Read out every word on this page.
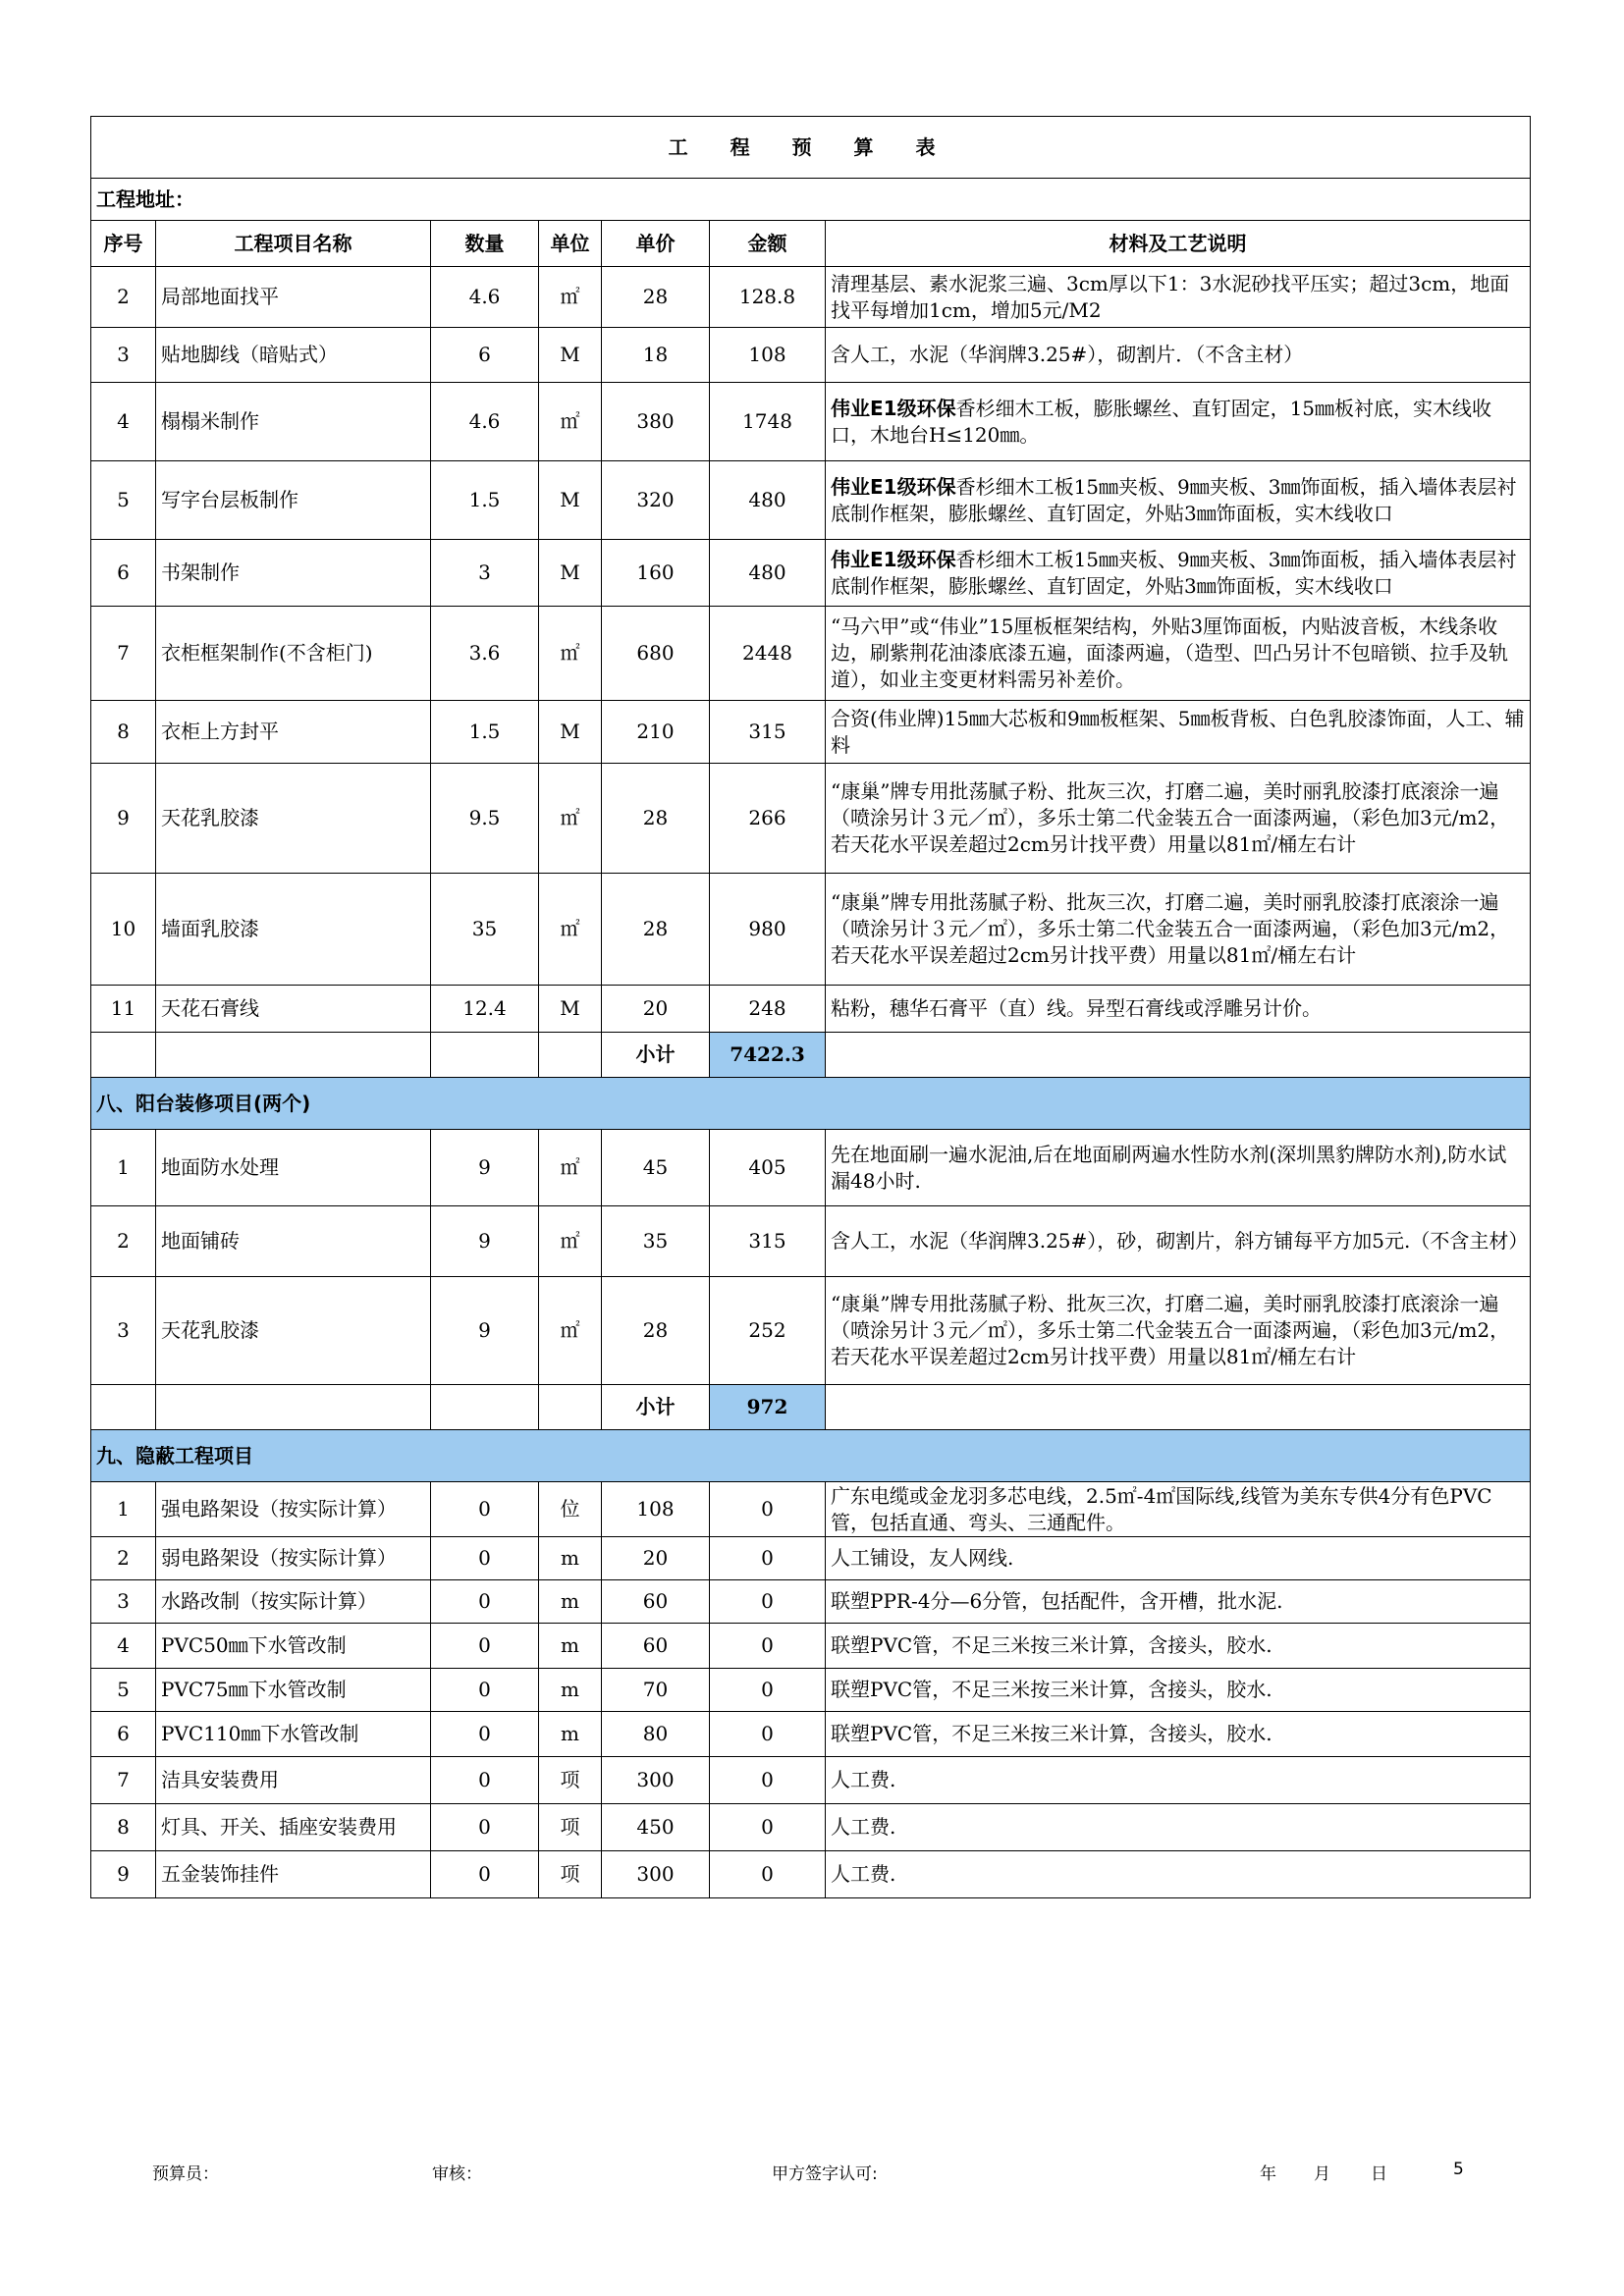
工 程 预 算 表						
工程地址：						
序号	工程项目名称	数量	单位	单价	金额	材料及工艺说明
2	局部地面找平	4.6	㎡	28	128.8	清理基层、素水泥浆三遍、3cm厚以下1：3水泥砂找平压实；超过3cm，地面找平每增加1cm，增加5元/M2
3	贴地脚线（暗贴式）	6	M	18	108	含人工，水泥（华润牌3.25#），砌割片．（不含主材）
4	榻榻米制作	4.6	㎡	380	1748	伟业E1级环保香杉细木工板，膨胀螺丝、直钉固定，15㎜板衬底，实木线收口，木地台H≤120㎜。
5	写字台层板制作	1.5	M	320	480	伟业E1级环保香杉细木工板15㎜夹板、9㎜夹板、3㎜饰面板，插入墙体表层衬底制作框架，膨胀螺丝、直钉固定，外贴3㎜饰面板，实木线收口
6	书架制作	3	M	160	480	伟业E1级环保香杉细木工板15㎜夹板、9㎜夹板、3㎜饰面板，插入墙体表层衬底制作框架，膨胀螺丝、直钉固定，外贴3㎜饰面板，实木线收口
7	衣柜框架制作(不含柜门)	3.6	㎡	680	2448	“马六甲”或“伟业”15厘板框架结构，外贴3厘饰面板，内贴波音板，木线条收边，刷紫荆花油漆底漆五遍，面漆两遍，（造型、凹凸另计不包暗锁、拉手及轨道），如业主变更材料需另补差价。
8	衣柜上方封平	1.5	M	210	315	合资(伟业牌)15㎜大芯板和9㎜板框架、5㎜板背板、白色乳胶漆饰面，人工、辅料
9	天花乳胶漆	9.5	㎡	28	266	“康巢”牌专用批荡腻子粉、批灰三次，打磨二遍，美时丽乳胶漆打底滚涂一遍（喷涂另计３元／㎡），多乐士第二代金装五合一面漆两遍，（彩色加3元/m2，若天花水平误差超过2cm另计找平费）用量以81㎡/桶左右计
10	墙面乳胶漆	35	㎡	28	980	“康巢”牌专用批荡腻子粉、批灰三次，打磨二遍，美时丽乳胶漆打底滚涂一遍（喷涂另计３元／㎡），多乐士第二代金装五合一面漆两遍，（彩色加3元/m2，若天花水平误差超过2cm另计找平费）用量以81㎡/桶左右计
11	天花石膏线	12.4	M	20	248	粘粉，穗华石膏平（直）线。异型石膏线或浮雕另计价。
				小计	7422.3	
八、阳台装修项目(两个)						
1	地面防水处理	9	㎡	45	405	先在地面刷一遍水泥油,后在地面刷两遍水性防水剂(深圳黑豹牌防水剂),防水试漏48小时.
2	地面铺砖	9	㎡	35	315	含人工，水泥（华润牌3.25#），砂，砌割片，斜方铺每平方加5元.（不含主材）
3	天花乳胶漆	9	㎡	28	252	“康巢”牌专用批荡腻子粉、批灰三次，打磨二遍，美时丽乳胶漆打底滚涂一遍（喷涂另计３元／㎡），多乐士第二代金装五合一面漆两遍，（彩色加3元/m2，若天花水平误差超过2cm另计找平费）用量以81㎡/桶左右计
				小计	972	
九、隐蔽工程项目						
1	强电路架设（按实际计算）	0	位	108	0	广东电缆或金龙羽多芯电线，2.5㎡-4㎡国际线,线管为美东专供4分有色PVC管，包括直通、弯头、三通配件。
2	弱电路架设（按实际计算）	0	m	20	0	人工铺设，友人网线.
3	水路改制（按实际计算）	0	m	60	0	联塑PPR-4分—6分管，包括配件，含开槽，批水泥.
4	PVC50㎜下水管改制	0	m	60	0	联塑PVC管，不足三米按三米计算，含接头，胶水.
5	PVC75㎜下水管改制	0	m	70	0	联塑PVC管，不足三米按三米计算，含接头，胶水.
6	PVC110㎜下水管改制	0	m	80	0	联塑PVC管，不足三米按三米计算，含接头，胶水.
7	洁具安装费用	0	项	300	0	人工费.
8	灯具、开关、插座安装费用	0	项	450	0	人工费.
9	五金装饰挂件	0	项	300	0	人工费.
预算员：	审核：	甲方签字认可:	年 月 日	5
